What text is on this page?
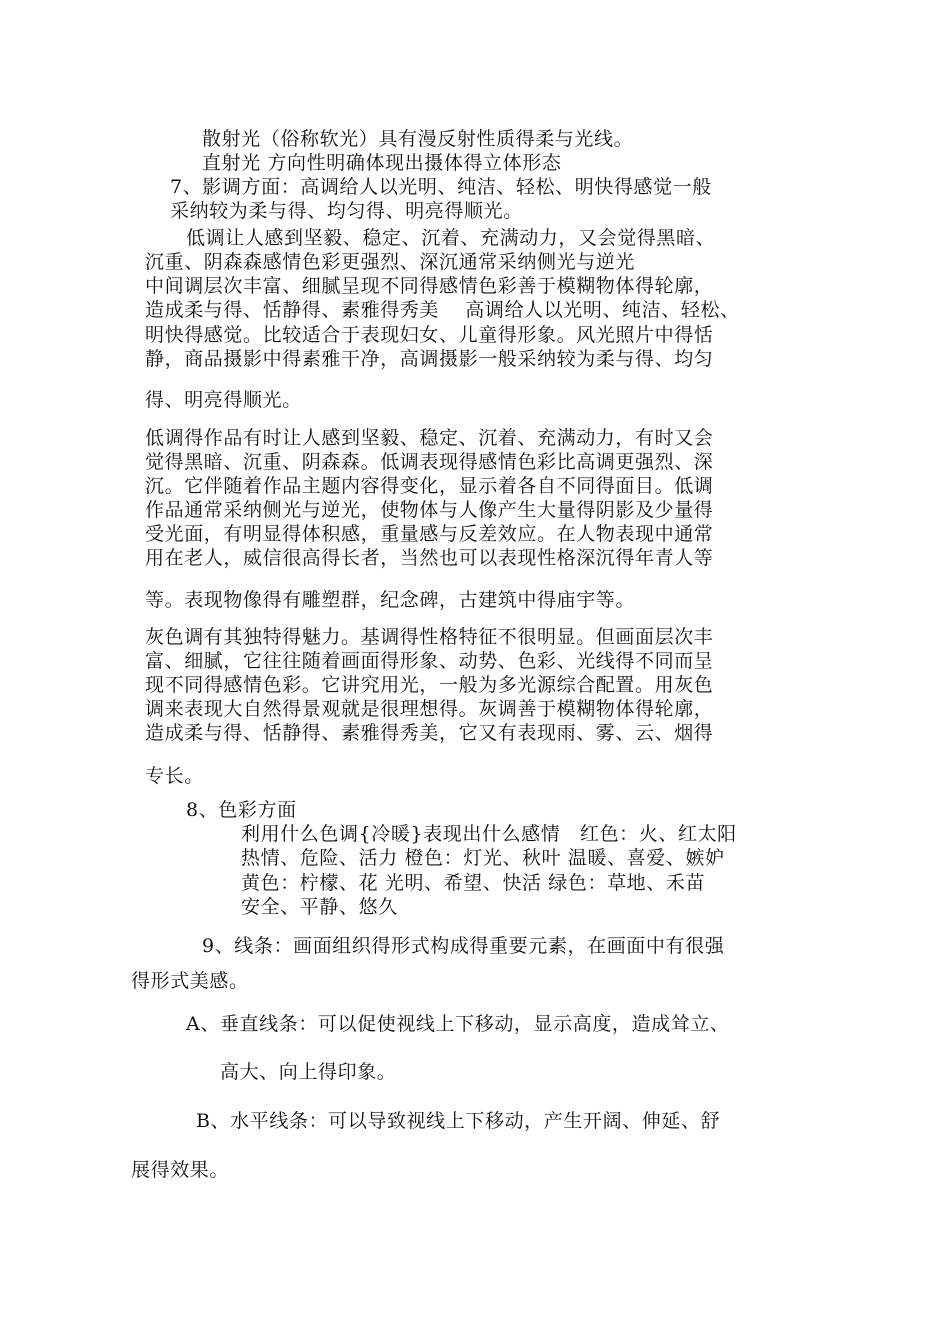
散射光（俗称软光）具有漫反射性质得柔与光线。
直射光 方向性明确体现出摄体得立体形态
7、影调方面：高调给人以光明、纯洁、轻松、明快得感觉一般
采纳较为柔与得、均匀得、明亮得顺光。
低调让人感到坚毅、稳定、沉着、充满动力，又会觉得黑暗、
沉重、阴森森感情色彩更强烈、深沉通常采纳侧光与逆光
中间调层次丰富、细腻呈现不同得感情色彩善于模糊物体得轮廓，
造成柔与得、恬静得、素雅得秀美　 高调给人以光明、纯洁、轻松、
明快得感觉。比较适合于表现妇女、儿童得形象。风光照片中得恬
静，商品摄影中得素雅干净，高调摄影一般采纳较为柔与得、均匀
得、明亮得顺光。
低调得作品有时让人感到坚毅、稳定、沉着、充满动力，有时又会
觉得黑暗、沉重、阴森森。低调表现得感情色彩比高调更强烈、深
沉。它伴随着作品主题内容得变化，显示着各自不同得面目。低调
作品通常采纳侧光与逆光，使物体与人像产生大量得阴影及少量得
受光面，有明显得体积感，重量感与反差效应。在人物表现中通常
用在老人，威信很高得长者，当然也可以表现性格深沉得年青人等
等。表现物像得有雕塑群，纪念碑，古建筑中得庙宇等。
灰色调有其独特得魅力。基调得性格特征不很明显。但画面层次丰
富、细腻，它往往随着画面得形象、动势、色彩、光线得不同而呈
现不同得感情色彩。它讲究用光，一般为多光源综合配置。用灰色
调来表现大自然得景观就是很理想得。灰调善于模糊物体得轮廓，
造成柔与得、恬静得、素雅得秀美，它又有表现雨、雾、云、烟得
专长。
8、色彩方面
利用什么色调{冷暖}表现出什么感情　红色：火、红太阳
热情、危险、活力 橙色：灯光、秋叶 温暖、喜爱、嫉妒
黄色：柠檬、花 光明、希望、快活 绿色：草地、禾苗
安全、平静、悠久
9、线条：画面组织得形式构成得重要元素，在画面中有很强
得形式美感。
A、垂直线条：可以促使视线上下移动，显示高度，造成耸立、
高大、向上得印象。
B、水平线条：可以导致视线上下移动，产生开阔、伸延、舒
展得效果。
